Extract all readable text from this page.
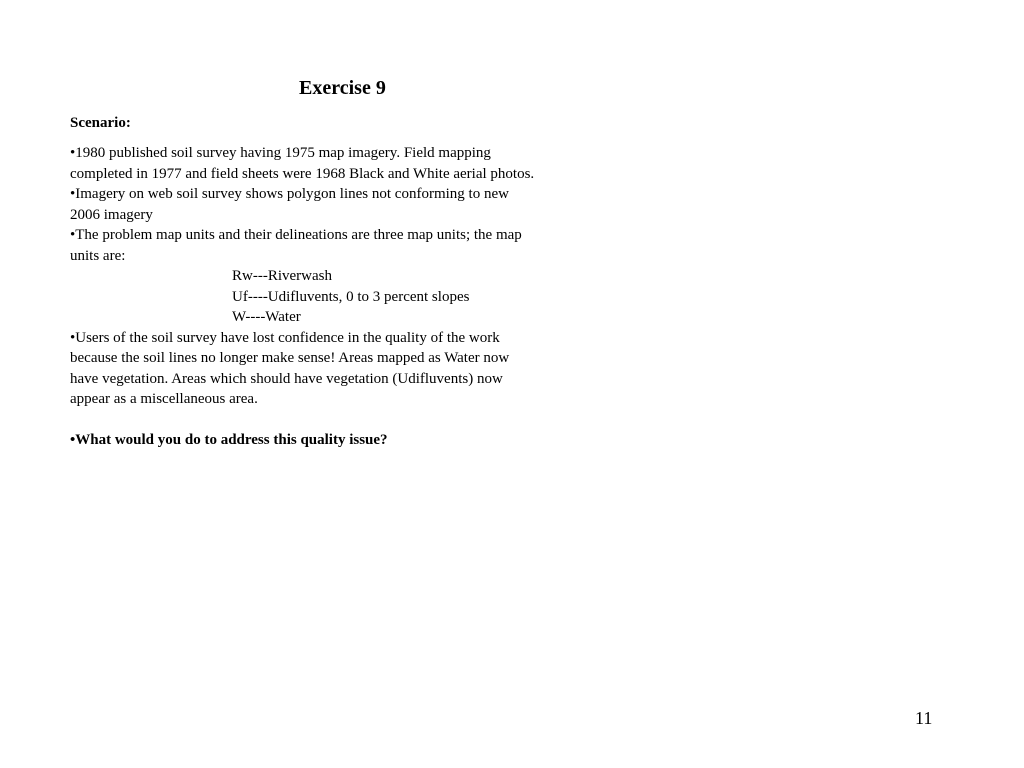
Exercise 9
Scenario:
•1980 published soil survey having 1975 map imagery. Field mapping
completed in 1977 and field sheets were 1968 Black and White aerial photos.
•Imagery on web soil survey shows polygon lines not conforming to new
2006 imagery
•The problem map units and their delineations are three map units; the map
units are:
Rw---Riverwash
Uf----Udifluvents, 0 to 3 percent slopes
W----Water
•Users of the soil survey have lost confidence in the quality of the work
because the soil lines no longer make sense! Areas mapped as Water now
have vegetation. Areas which should have vegetation (Udifluvents) now
appear as a miscellaneous area.
•What would you do to address this quality issue?
11
